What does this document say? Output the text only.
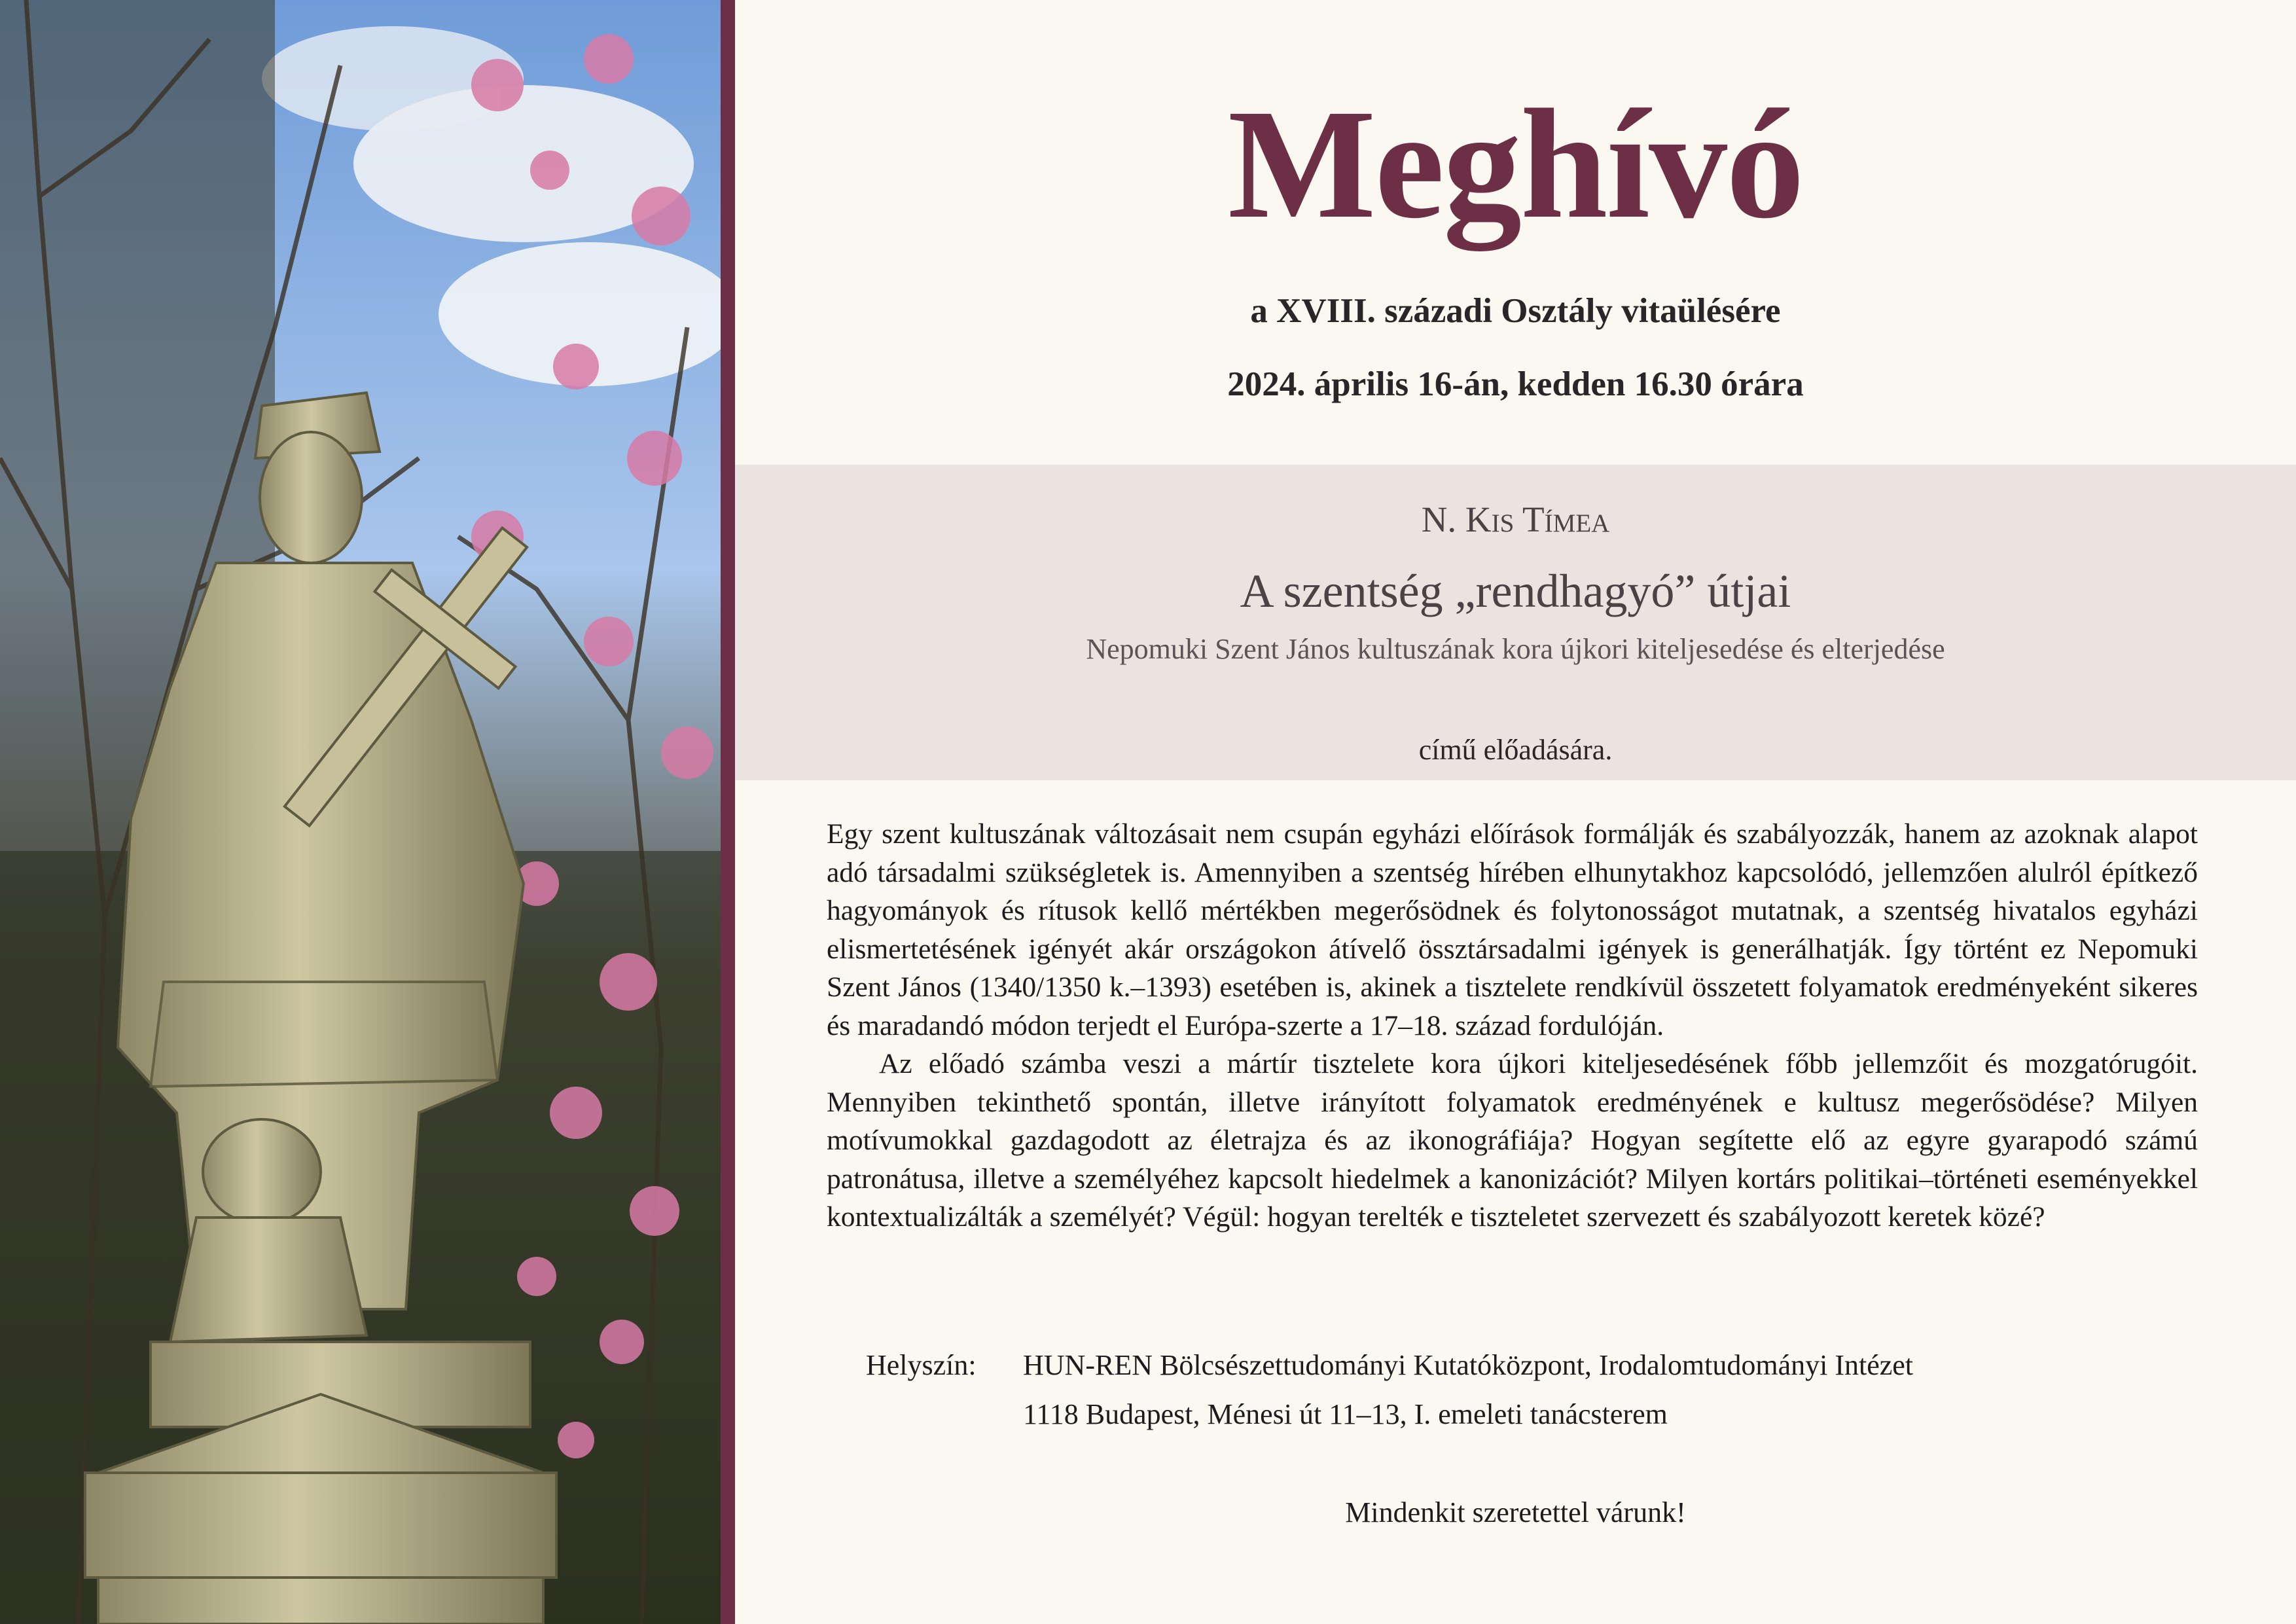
Meghívó
a XVIII. századi Osztály vitaülésére
2024. április 16-án, kedden 16.30 órára
N. Kis Tímea
A szentség „rendhagyó” útjai
Nepomuki Szent János kultuszának kora újkori kiteljesedése és elterjedése
című előadására.

Egy szent kultuszának változásait nem csupán egyházi előírások formálják és szabályozzák, hanem az azoknak alapot adó társadalmi szükségletek is. Amennyiben a szentség hírében elhunytakhoz kapcsolódó, jellemzően alulról építkező hagyományok és rítusok kellő mértékben megerősödnek és folytonosságot mutatnak, a szentség hivatalos egyházi elismertetésének igényét akár országokon átívelő össztársadalmi igények is generálhatják. Így történt ez Nepomuki Szent János (1340/1350 k.–1393) esetében is, akinek a tisztelete rendkívül összetett folyamatok eredményeként sikeres és maradandó módon terjedt el Európa-szerte a 17–18. század fordulóján.

Az előadó számba veszi a mártír tisztelete kora újkori kiteljesedésének főbb jellemzőit és mozgatórugóit. Mennyiben tekinthető spontán, illetve irányított folyamatok eredményének e kultusz megerősödése? Milyen motívumokkal gazdagodott az életrajza és az ikonográfiája? Hogyan segítette elő az egyre gyarapodó számú patronátusa, illetve a személyéhez kapcsolt hiedelmek a kanonizációt? Milyen kortárs politikai–történeti eseményekkel kontextualizálták a személyét? Végül: hogyan terelték e tiszteletet szervezett és szabályozott keretek közé?

Helyszín: HUN-REN Bölcsészettudományi Kutatóközpont, Irodalomtudományi Intézet
1118 Budapest, Ménesi út 11–13, I. emeleti tanácsterem
Mindenkit szeretettel várunk!
